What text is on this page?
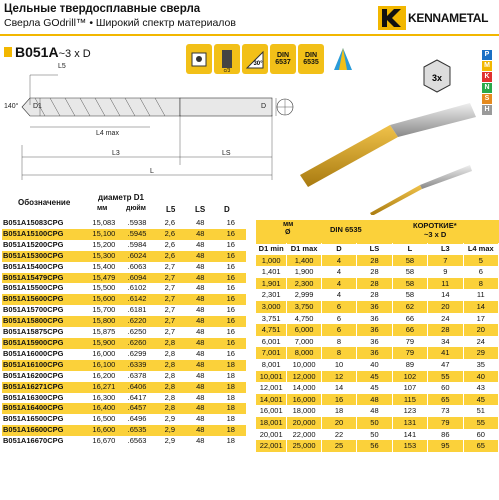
Цельные твердосплавные сверла
Сверла GOdrill™ • Широкий спектр материалов	KENNAMETAL
B051A~3 x D
c/3
30°
DIN 6537
DIN 6535
3x
P
M
K
N
S
H
L5
140° D1
L4 max
L3	LS
L
D
Обозначение
диаметр D1
мм	дюйм	L5 LS D
B051A15083CPG	15,083	.5938	2,6	48	16
B051A15100CPG	15,100	.5945	2,6	48	16
B051A15200CPG	15,200	.5984	2,6	48	16
B051A15300CPG	15,300	.6024	2,6	48	16
B051A15400CPG	15,400	.6063	2,7	48	16
B051A15479CPG	15,479	.6094	2,7	48	16
B051A15500CPG	15,500	.6102	2,7	48	16
B051A15600CPG	15,600	.6142	2,7	48	16
B051A15700CPG	15,700	.6181	2,7	48	16
B051A15800CPG	15,800	.6220	2,7	48	16
B051A15875CPG	15,875	.6250	2,7	48	16
B051A15900CPG	15,900	.6260	2,8	48	16
B051A16000CPG	16,000	.6299	2,8	48	16
B051A16100CPG	16,100	.6339	2,8	48	18
B051A16200CPG	16,200	.6378	2,8	48	18
B051A16271CPG	16,271	.6406	2,8	48	18
B051A16300CPG	16,300	.6417	2,8	48	18
B051A16400CPG	16,400	.6457	2,8	48	18
B051A16500CPG	16,500	.6496	2,9	48	18
B051A16600CPG	16,600	.6535	2,9	48	18
B051A16670CPG	16,670	.6563	2,9	48	18
мм
Ø	DIN 6535	КОРОТКИЕ*
~3 x D
D1 min	D1 max	D	LS	L	L3	L4 max
1,000	1,400	4	28	58	7	5
1,401	1,900	4	28	58	9	6
1,901	2,300	4	28	58	11	8
2,301	2,999	4	28	58	14	11
3,000	3,750	6	36	62	20	14
3,751	4,750	6	36	66	24	17
4,751	6,000	6	36	66	28	20
6,001	7,000	8	36	79	34	24
7,001	8,000	8	36	79	41	29
8,001	10,000	10	40	89	47	35
10,001	12,000	12	45	102	55	40
12,001	14,000	14	45	107	60	43
14,001	16,000	16	48	115	65	45
16,001	18,000	18	48	123	73	51
18,001	20,000	20	50	131	79	55
20,001	22,000	22	50	141	86	60
22,001	25,000	25	56	153	95	65
